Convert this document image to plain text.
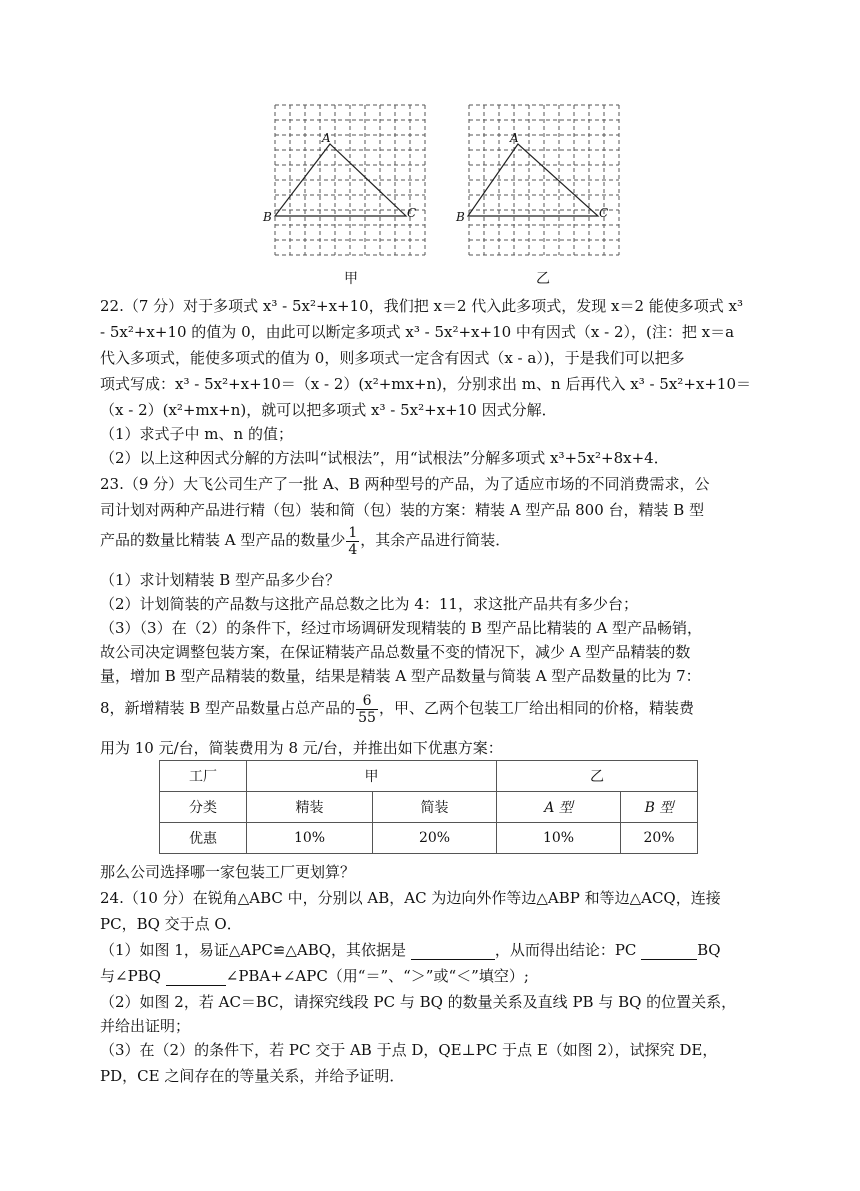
A
B	C
A
B	C
甲	乙
22.（7 分）对于多项式 x³ - 5x²+x+10，我们把 x＝2 代入此多项式，发现 x＝2 能使多项式 x³
- 5x²+x+10 的值为 0，由此可以断定多项式 x³ - 5x²+x+10 中有因式（x - 2），(注：把 x＝a
代入多项式，能使多项式的值为 0，则多项式一定含有因式（x - a）)，于是我们可以把多
项式写成：x³ - 5x²+x+10＝（x - 2）(x²+mx+n)，分别求出 m、n 后再代入 x³ - 5x²+x+10＝
（x - 2）(x²+mx+n)，就可以把多项式 x³ - 5x²+x+10 因式分解．
（1）求式子中 m、n 的值；
（2）以上这种因式分解的方法叫“试根法”，用“试根法”分解多项式 x³+5x²+8x+4．
23.（9 分）大飞公司生产了一批 A、B 两种型号的产品，为了适应市场的不同消费需求，公
司计划对两种产品进行精（包）装和简（包）装的方案：精装 A 型产品 800 台，精装 B 型
产品的数量比精装 A 型产品的数量少 $\frac{1}{4}$ ，其余产品进行简装．
（1）求计划精装 B 型产品多少台？
（2）计划简装的产品数与这批产品总数之比为 4：11，求这批产品共有多少台；
（3）（3）在（2）的条件下，经过市场调研发现精装的 B 型产品比精装的 A 型产品畅销，
故公司决定调整包装方案，在保证精装产品总数量不变的情况下，减少 A 型产品精装的数
量，增加 B 型产品精装的数量，结果是精装 A 型产品数量与简装 A 型产品数量的比为 7：
8，新增精装 B 型产品数量占总产品的 $\frac{6}{55}$ ，甲、乙两个包装工厂给出相同的价格，精装费
用为 10 元/台，简装费用为 8 元/台，并推出如下优惠方案：
工厂	甲		乙	
分类	精装	简装	A 型	B 型
优惠	10%	20%	10%	20%
那么公司选择哪一家包装工厂更划算？
24.（10 分）在锐角△ABC 中，分别以 AB，AC 为边向外作等边△ABP 和等边△ACQ，连接
PC，BQ 交于点 O．
（1）如图 1，易证△APC≌△ABQ，其依据是	，从而得出结论：PC	BQ
与∠PBQ	∠PBA+∠APC（用“＝”、“＞”或“＜”填空）;
（2）如图 2，若 AC＝BC，请探究线段 PC 与 BQ 的数量关系及直线 PB 与 BQ 的位置关系，
并给出证明；
（3）在（2）的条件下，若 PC 交于 AB 于点 D，QE⊥PC 于点 E（如图 2），试探究 DE，
PD，CE 之间存在的等量关系，并给予证明．
